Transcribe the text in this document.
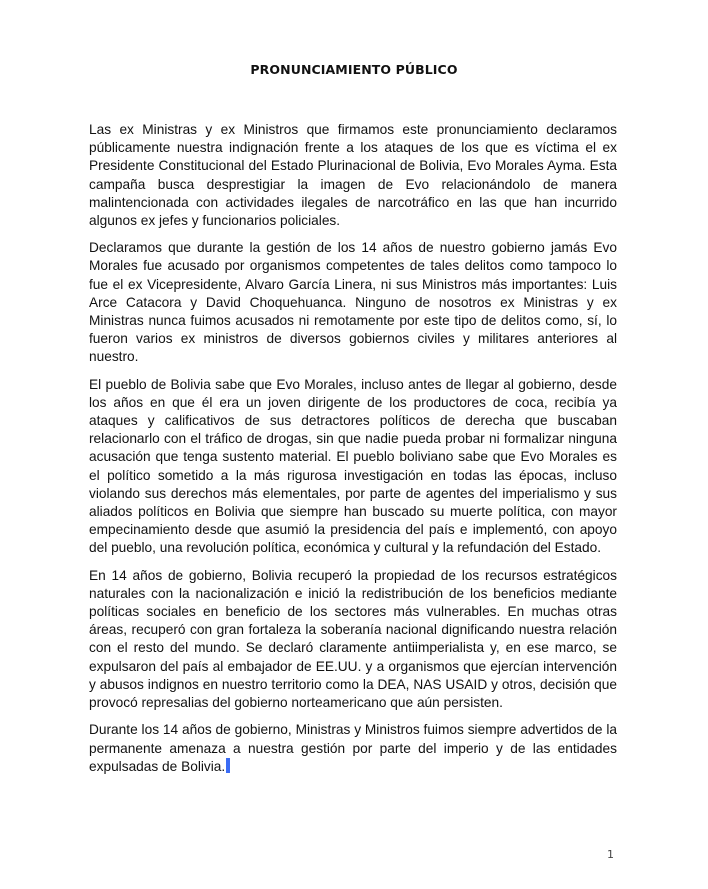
PRONUNCIAMIENTO PÚBLICO

Las ex Ministras y ex Ministros que firmamos este pronunciamiento declaramos públicamente nuestra indignación frente a los ataques de los que es víctima el ex Presidente Constitucional del Estado Plurinacional de Bolivia, Evo Morales Ayma. Esta campaña busca desprestigiar la imagen de Evo relacionándolo de manera malintencionada con actividades ilegales de narcotráfico en las que han incurrido algunos ex jefes y funcionarios policiales.

Declaramos que durante la gestión de los 14 años de nuestro gobierno jamás Evo Morales fue acusado por organismos competentes de tales delitos como tampoco lo fue el ex Vicepresidente, Alvaro García Linera, ni sus Ministros más importantes: Luis Arce Catacora y David Choquehuanca. Ninguno de nosotros ex Ministras y ex Ministras nunca fuimos acusados ni remotamente por este tipo de delitos como, sí, lo fueron varios ex ministros de diversos gobiernos civiles y militares anteriores al nuestro.

El pueblo de Bolivia sabe que Evo Morales, incluso antes de llegar al gobierno, desde los años en que él era un joven dirigente de los productores de coca, recibía ya ataques y calificativos de sus detractores políticos de derecha que buscaban relacionarlo con el tráfico de drogas, sin que nadie pueda probar ni formalizar ninguna acusación que tenga sustento material. El pueblo boliviano sabe que Evo Morales es el político sometido a la más rigurosa investigación en todas las épocas, incluso violando sus derechos más elementales, por parte de agentes del imperialismo y sus aliados políticos en Bolivia que siempre han buscado su muerte política, con mayor empecinamiento desde que asumió la presidencia del país e implementó, con apoyo del pueblo, una revolución política, económica y cultural y la refundación del Estado.

En 14 años de gobierno, Bolivia recuperó la propiedad de los recursos estratégicos naturales con la nacionalización e inició la redistribución de los beneficios mediante políticas sociales en beneficio de los sectores más vulnerables. En muchas otras áreas, recuperó con gran fortaleza la soberanía nacional dignificando nuestra relación con el resto del mundo. Se declaró claramente antiimperialista y, en ese marco, se expulsaron del país al embajador de EE.UU. y a organismos que ejercían intervención y abusos indignos en nuestro territorio como la DEA, NAS USAID y otros, decisión que provocó represalias del gobierno norteamericano que aún persisten.

Durante los 14 años de gobierno, Ministras y Ministros fuimos siempre advertidos de la permanente amenaza a nuestra gestión por parte del imperio y de las entidades expulsadas de Bolivia.

1
